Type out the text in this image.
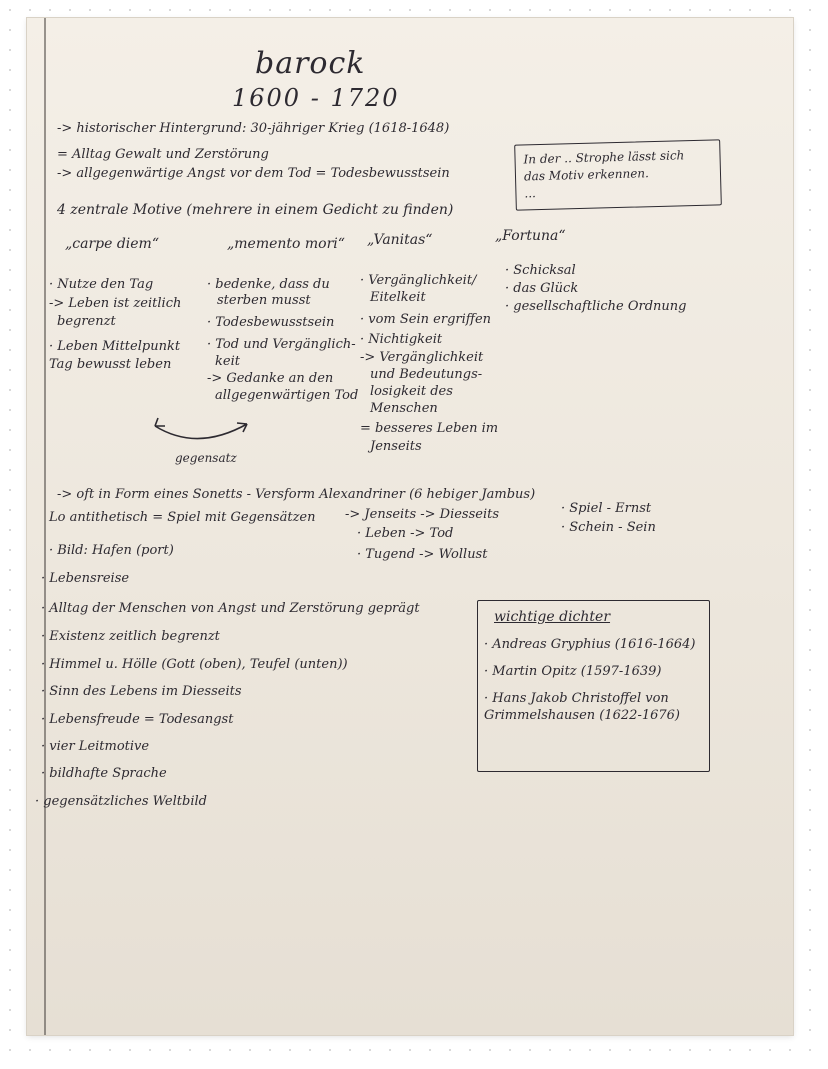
barock
1600 - 1720
-> historischer Hintergrund: 30-jähriger Krieg (1618-1648)
= Alltag Gewalt und Zerstörung
-> allgegenwärtige Angst vor dem Tod = Todesbewusstsein
In der .. Strophe lässt sich
das Motiv erkennen.
...
4 zentrale Motive (mehrere in einem Gedicht zu finden)
„carpe diem“
· Nutze den Tag
-> Leben ist zeitlich
begrenzt
· Leben Mittelpunkt
Tag bewusst leben
„memento mori“
· bedenke, dass du
sterben musst
· Todesbewusstsein
· Tod und Vergänglich-
keit
-> Gedanke an den
allgegenwärtigen Tod
„Vanitas“
· Vergänglichkeit/
Eitelkeit
· vom Sein ergriffen
· Nichtigkeit
-> Vergänglichkeit
und Bedeutungs-
losigkeit des
Menschen
= besseres Leben im
Jenseits
„Fortuna“
· Schicksal
· das Glück
· gesellschaftliche Ordnung
gegensatz
-> oft in Form eines Sonetts - Versform Alexandriner (6 hebiger Jambus)
Lo antithetisch = Spiel mit Gegensätzen -> Jenseits -> Diesseits
· Leben -> Tod
· Tugend -> Wollust
· Spiel - Ernst
· Schein - Sein
· Bild: Hafen (port)
· Lebensreise
· Alltag der Menschen von Angst und Zerstörung geprägt
· Existenz zeitlich begrenzt
· Himmel u. Hölle (Gott (oben), Teufel (unten))
· Sinn des Lebens im Diesseits
· Lebensfreude = Todesangst
· vier Leitmotive
· bildhafte Sprache
· gegensätzliches Weltbild
wichtige dichter
· Andreas Gryphius (1616-1664)
· Martin Opitz (1597-1639)
· Hans Jakob Christoffel von
Grimmelshausen (1622-1676)
